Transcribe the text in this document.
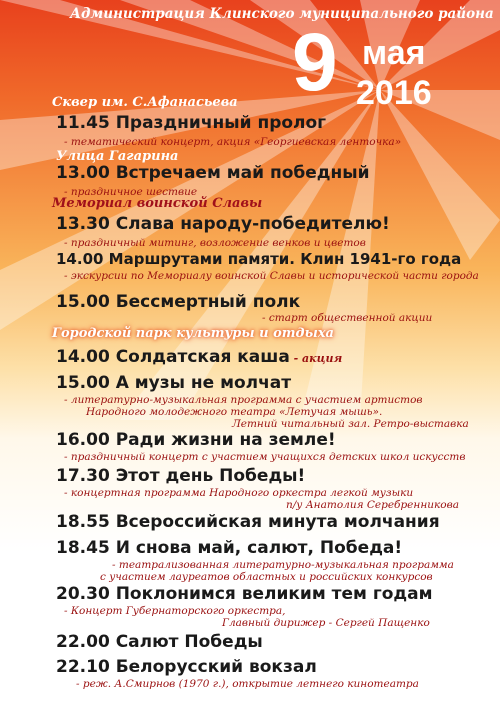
Администрация Клинского муниципального района
9 мая
2016
Сквер им. С.Афанасьева
11.45 Праздничный пролог
- тематический концерт, акция «Георгиевская ленточка»
Улица Гагарина
13.00 Встречаем май победный
- праздничное шествие
Мемориал воинской Славы
13.30 Слава народу-победителю!
- праздничный митинг, возложение венков и цветов
14.00 Маршрутами памяти. Клин 1941-го года
- экскурсии по Мемориалу воинской Славы и исторической части города
15.00 Бессмертный полк
- старт общественной акции
Городской парк культуры и отдыха
14.00 Солдатская каша - акция
15.00 А музы не молчат
- литературно-музыкальная программа с участием артистов
Народного молодежного театра «Летучая мышь».
Летний читальный зал. Ретро-выставка
16.00 Ради жизни на земле!
- праздничный концерт с участием учащихся детских школ искусств
17.30 Этот день Победы!
- концертная программа Народного оркестра легкой музыки
п/у Анатолия Серебренникова
18.55 Всероссийская минута молчания
18.45 И снова май, салют, Победа!
- театрализованная литературно-музыкальная программа
с участием лауреатов областных и российских конкурсов
20.30 Поклонимся великим тем годам
- Концерт Губернаторского оркестра,
Главный дирижер - Сергей Пащенко
22.00 Салют Победы
22.10 Белорусский вокзал
- реж. А.Смирнов (1970 г.), открытие летнего кинотеатра
